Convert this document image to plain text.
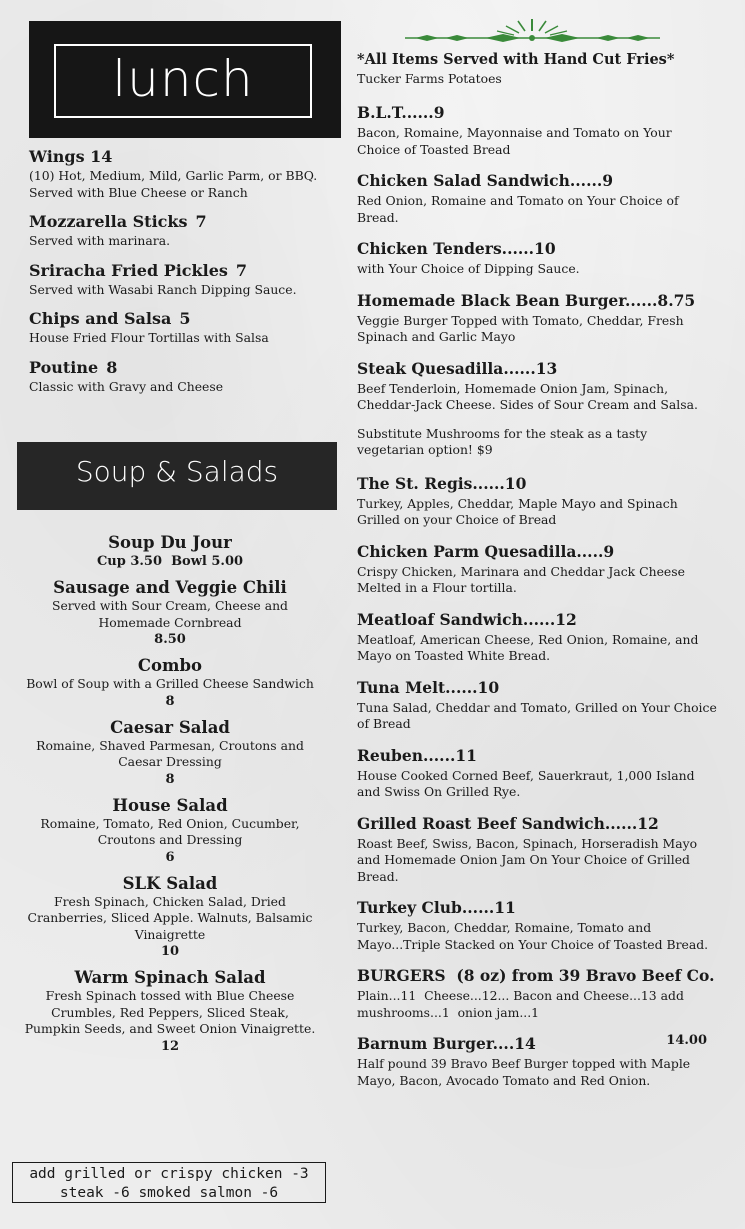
lunch
Wings 14
(10) Hot, Medium, Mild, Garlic Parm, or BBQ. Served with Blue Cheese or Ranch
Mozzarella Sticks 7
Served with marinara.
Sriracha Fried Pickles 7
Served with Wasabi Ranch Dipping Sauce.
Chips and Salsa 5
House Fried Flour Tortillas with Salsa
Poutine 8
Classic with Gravy and Cheese
Soup & Salads
Soup Du Jour
Cup 3.50  Bowl 5.00
Sausage and Veggie Chili
Served with Sour Cream, Cheese and Homemade Cornbread
8.50
Combo
Bowl of Soup with a Grilled Cheese Sandwich
8
Caesar Salad
Romaine, Shaved Parmesan, Croutons and Caesar Dressing
8
House Salad
Romaine, Tomato, Red Onion, Cucumber, Croutons and Dressing
6
SLK Salad
Fresh Spinach, Chicken Salad, Dried Cranberries, Sliced Apple. Walnuts, Balsamic Vinaigrette
10
Warm Spinach Salad
Fresh Spinach tossed with Blue Cheese Crumbles, Red Peppers, Sliced Steak, Pumpkin Seeds, and Sweet Onion Vinaigrette.
12
add grilled or crispy chicken -3
steak -6 smoked salmon -6
*All Items Served with Hand Cut Fries*
Tucker Farms Potatoes
B.L.T......9
Bacon, Romaine, Mayonnaise and Tomato on Your Choice of Toasted Bread
Chicken Salad Sandwich......9
Red Onion, Romaine and Tomato on Your Choice of Bread.
Chicken Tenders......10
with Your Choice of Dipping Sauce.
Homemade Black Bean Burger......8.75
Veggie Burger Topped with Tomato, Cheddar, Fresh Spinach and Garlic Mayo
Steak Quesadilla......13
Beef Tenderloin, Homemade Onion Jam, Spinach, Cheddar-Jack Cheese. Sides of Sour Cream and Salsa.
Substitute Mushrooms for the steak as a tasty vegetarian option! $9
The St. Regis......10
Turkey, Apples, Cheddar, Maple Mayo and Spinach Grilled on your Choice of Bread
Chicken Parm Quesadilla.....9
Crispy Chicken, Marinara and Cheddar Jack Cheese Melted in a Flour tortilla.
Meatloaf Sandwich......12
Meatloaf, American Cheese, Red Onion, Romaine, and Mayo on Toasted White Bread.
Tuna Melt......10
Tuna Salad, Cheddar and Tomato, Grilled on Your Choice of Bread
Reuben......11
House Cooked Corned Beef, Sauerkraut, 1,000 Island and Swiss On Grilled Rye.
Grilled Roast Beef Sandwich......12
Roast Beef, Swiss, Bacon, Spinach, Horseradish Mayo and Homemade Onion Jam On Your Choice of Grilled Bread.
Turkey Club......11
Turkey, Bacon, Cheddar, Romaine, Tomato and Mayo...Triple Stacked on Your Choice of Toasted Bread.
BURGERS  (8 oz) from 39 Bravo Beef Co.
Plain...11  Cheese...12... Bacon and Cheese...13 add mushrooms...1  onion jam...1
Barnum Burger....14	14.00
Half pound 39 Bravo Beef Burger topped with Maple Mayo, Bacon, Avocado Tomato and Red Onion.
